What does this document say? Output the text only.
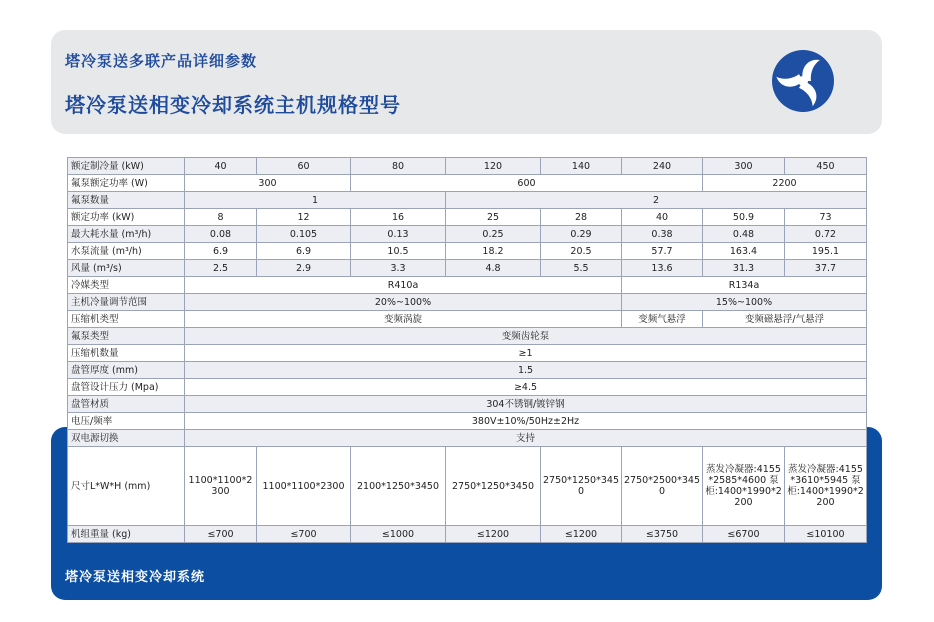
塔冷泵送相变冷却系统
塔冷泵送多联产品详细参数
塔冷泵送相变冷却系统主机规格型号
额定制冷量 (kW)	40	60	80	120	140	240	300	450	
氟泵额定功率 (W)	300		600				2200	
氟泵数量	1			2					
额定功率 (kW)	8	12	16	25	28	40	50.9	73	
最大耗水量 (m³/h)	0.08	0.105	0.13	0.25	0.29	0.38	0.48	0.72	
水泵流量 (m³/h)	6.9	6.9	10.5	18.2	20.5	57.7	163.4	195.1	
风量 (m³/s)	2.5	2.9	3.3	4.8	5.5	13.6	31.3	37.7	
冷媒类型	R410a					R134a			
主机冷量调节范围	20%~100%					15%~100%			
压缩机类型	变频涡旋					变频气悬浮	变频磁悬浮/气悬浮		
氟泵类型	变频齿轮泵								
压缩机数量	≥1								
盘管厚度 (mm)	1.5								
盘管设计压力 (Mpa)	≥4.5								
盘管材质	304不锈钢/镀锌钢								
电压/频率	380V±10%/50Hz±2Hz								
双电源切换	支持								
尺寸L*W*H (mm)	1100*1100*2300	1100*1100*2300	2100*1250*3450	2750*1250*3450	2750*1250*3450	2750*2500*3450	蒸发冷凝器:4155*2585*4600 泵柜:1400*1990*2200	蒸发冷凝器:4155*3610*5945 泵柜:1400*1990*2200	
机组重量 (kg)	≤700	≤700	≤1000	≤1200	≤1200	≤3750	≤6700	≤10100	
